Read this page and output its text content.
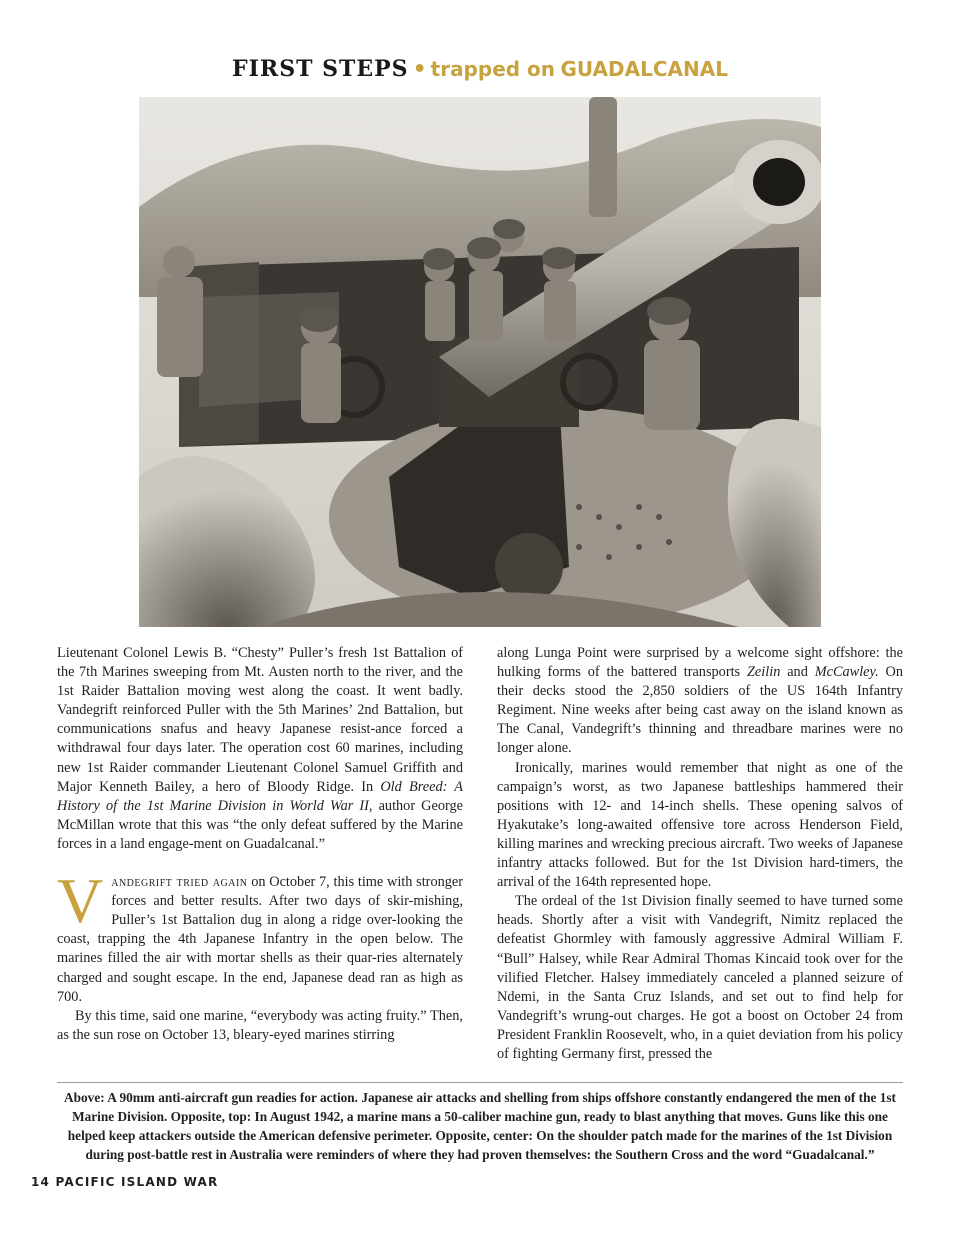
FIRST STEPS • trapped on GUADALCANAL

Lieutenant Colonel Lewis B. “Chesty” Puller’s fresh 1st Battalion of the 7th Marines sweeping from Mt. Austen north to the river, and the 1st Raider Battalion moving west along the coast. It went badly. Vandegrift reinforced Puller with the 5th Marines’ 2nd Battalion, but communications snafus and heavy Japanese resist-ance forced a withdrawal four days later. The operation cost 60 marines, including new 1st Raider commander Lieutenant Colonel Samuel Griffith and Major Kenneth Bailey, a hero of Bloody Ridge. In Old Breed: A History of the 1st Marine Division in World War II, author George McMillan wrote that this was “the only defeat suffered by the Marine forces in a land engage-ment on Guadalcanal.”

Vandegrift tried again on October 7, this time with stronger forces and better results. After two days of skir-mishing, Puller’s 1st Battalion dug in along a ridge over-looking the coast, trapping the 4th Japanese Infantry in the open below. The marines filled the air with mortar shells as their quar-ries alternately charged and sought escape. In the end, Japanese dead ran as high as 700.

By this time, said one marine, “everybody was acting fruity.” Then, as the sun rose on October 13, bleary-eyed marines stirring

along Lunga Point were surprised by a welcome sight offshore: the hulking forms of the battered transports Zeilin and McCawley. On their decks stood the 2,850 soldiers of the US 164th Infantry Regiment. Nine weeks after being cast away on the island known as The Canal, Vandegrift’s thinning and threadbare marines were no longer alone.

Ironically, marines would remember that night as one of the campaign’s worst, as two Japanese battleships hammered their positions with 12- and 14-inch shells. These opening salvos of Hyakutake’s long-awaited offensive tore across Henderson Field, killing marines and wrecking precious aircraft. Two weeks of Japanese infantry attacks followed. But for the 1st Division hard-timers, the arrival of the 164th represented hope.

The ordeal of the 1st Division finally seemed to have turned some heads. Shortly after a visit with Vandegrift, Nimitz replaced the defeatist Ghormley with famously aggressive Admiral William F. “Bull” Halsey, while Rear Admiral Thomas Kincaid took over for the vilified Fletcher. Halsey immediately canceled a planned seizure of Ndemi, in the Santa Cruz Islands, and set out to find help for Vandegrift’s wrung-out charges. He got a boost on October 24 from President Franklin Roosevelt, who, in a quiet deviation from his policy of fighting Germany first, pressed the

Above: A 90mm anti-aircraft gun readies for action. Japanese air attacks and shelling from ships offshore constantly endangered the men of the 1st Marine Division. Opposite, top: In August 1942, a marine mans a 50-caliber machine gun, ready to blast anything that moves. Guns like this one helped keep attackers outside the American defensive perimeter. Opposite, center: On the shoulder patch made for the marines of the 1st Division during post-battle rest in Australia were reminders of where they had proven themselves: the Southern Cross and the word “Guadalcanal.”
14 PACIFIC ISLAND WAR
